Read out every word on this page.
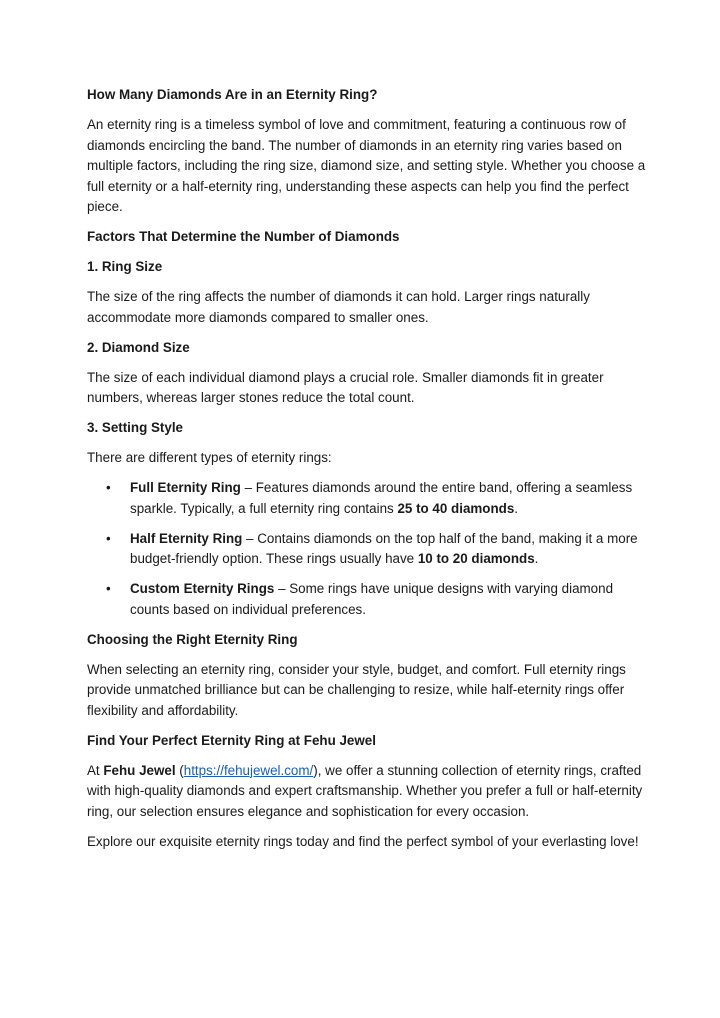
How Many Diamonds Are in an Eternity Ring?

An eternity ring is a timeless symbol of love and commitment, featuring a continuous row of diamonds encircling the band. The number of diamonds in an eternity ring varies based on multiple factors, including the ring size, diamond size, and setting style. Whether you choose a full eternity or a half-eternity ring, understanding these aspects can help you find the perfect piece.

Factors That Determine the Number of Diamonds

1. Ring Size

The size of the ring affects the number of diamonds it can hold. Larger rings naturally accommodate more diamonds compared to smaller ones.

2. Diamond Size

The size of each individual diamond plays a crucial role. Smaller diamonds fit in greater numbers, whereas larger stones reduce the total count.

3. Setting Style

There are different types of eternity rings:

• Full Eternity Ring – Features diamonds around the entire band, offering a seamless sparkle. Typically, a full eternity ring contains 25 to 40 diamonds.
• Half Eternity Ring – Contains diamonds on the top half of the band, making it a more budget-friendly option. These rings usually have 10 to 20 diamonds.
• Custom Eternity Rings – Some rings have unique designs with varying diamond counts based on individual preferences.

Choosing the Right Eternity Ring

When selecting an eternity ring, consider your style, budget, and comfort. Full eternity rings provide unmatched brilliance but can be challenging to resize, while half-eternity rings offer flexibility and affordability.

Find Your Perfect Eternity Ring at Fehu Jewel

At Fehu Jewel (https://fehujewel.com/), we offer a stunning collection of eternity rings, crafted with high-quality diamonds and expert craftsmanship. Whether you prefer a full or half-eternity ring, our selection ensures elegance and sophistication for every occasion.

Explore our exquisite eternity rings today and find the perfect symbol of your everlasting love!
